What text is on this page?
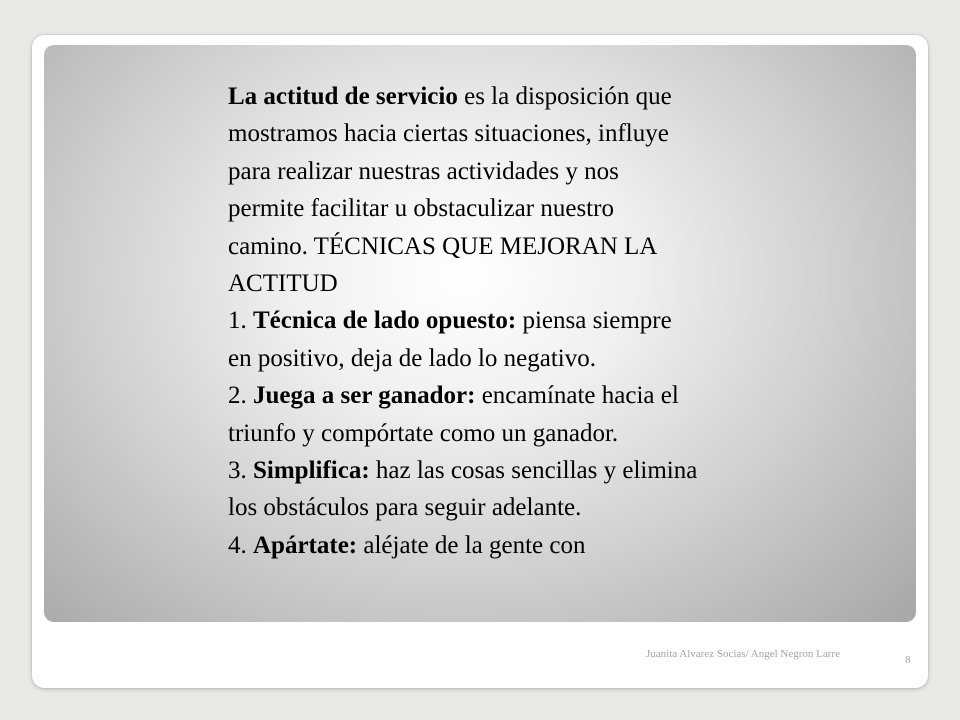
La actitud de servicio es la disposición que mostramos hacia ciertas situaciones, influye para realizar nuestras actividades y nos permite facilitar u obstaculizar nuestro camino. TÉCNICAS QUE MEJORAN LA ACTITUD

1. Técnica de lado opuesto: piensa siempre en positivo, deja de lado lo negativo.

2. Juega a ser ganador: encamínate hacia el triunfo y compórtate como un ganador.

3. Simplifica: haz las cosas sencillas y elimina los obstáculos para seguir adelante.

4. Apártate: aléjate de la gente con

Juanita Alvarez Socias/ Angel Negron Larre	8
